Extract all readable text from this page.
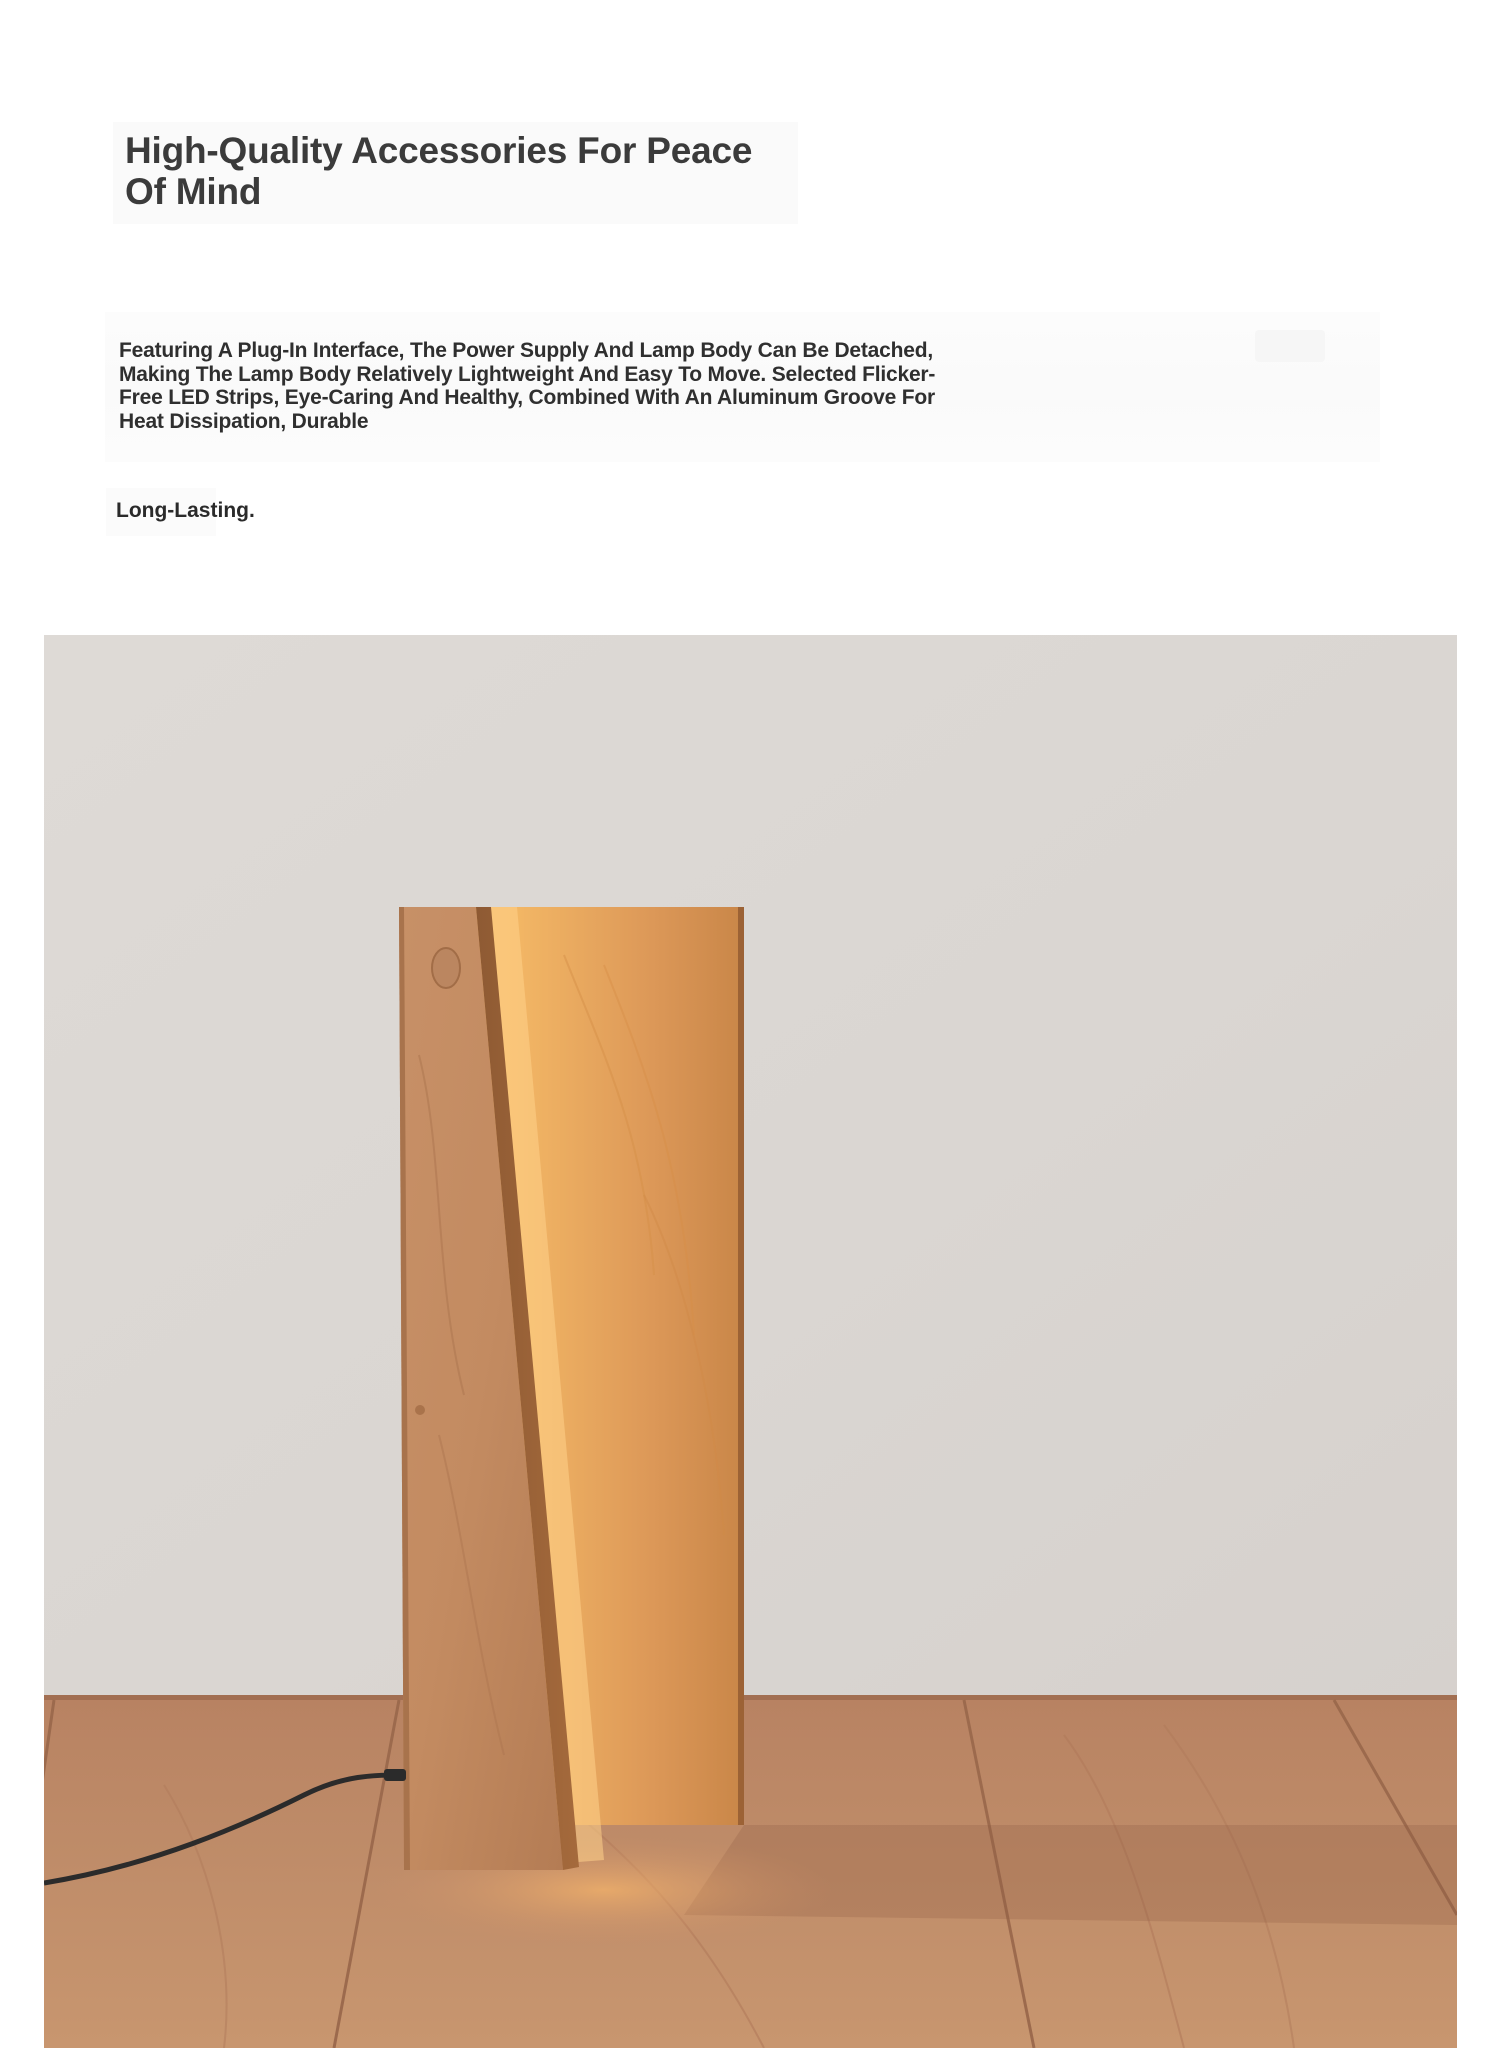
High-Quality Accessories For Peace Of Mind

Featuring A Plug-In Interface, The Power Supply And Lamp Body Can Be Detached, Making The Lamp Body Relatively Lightweight And Easy To Move. Selected Flicker-Free LED Strips, Eye-Caring And Healthy, Combined With An Aluminum Groove For Heat Dissipation, Durable

Long-Lasting.
